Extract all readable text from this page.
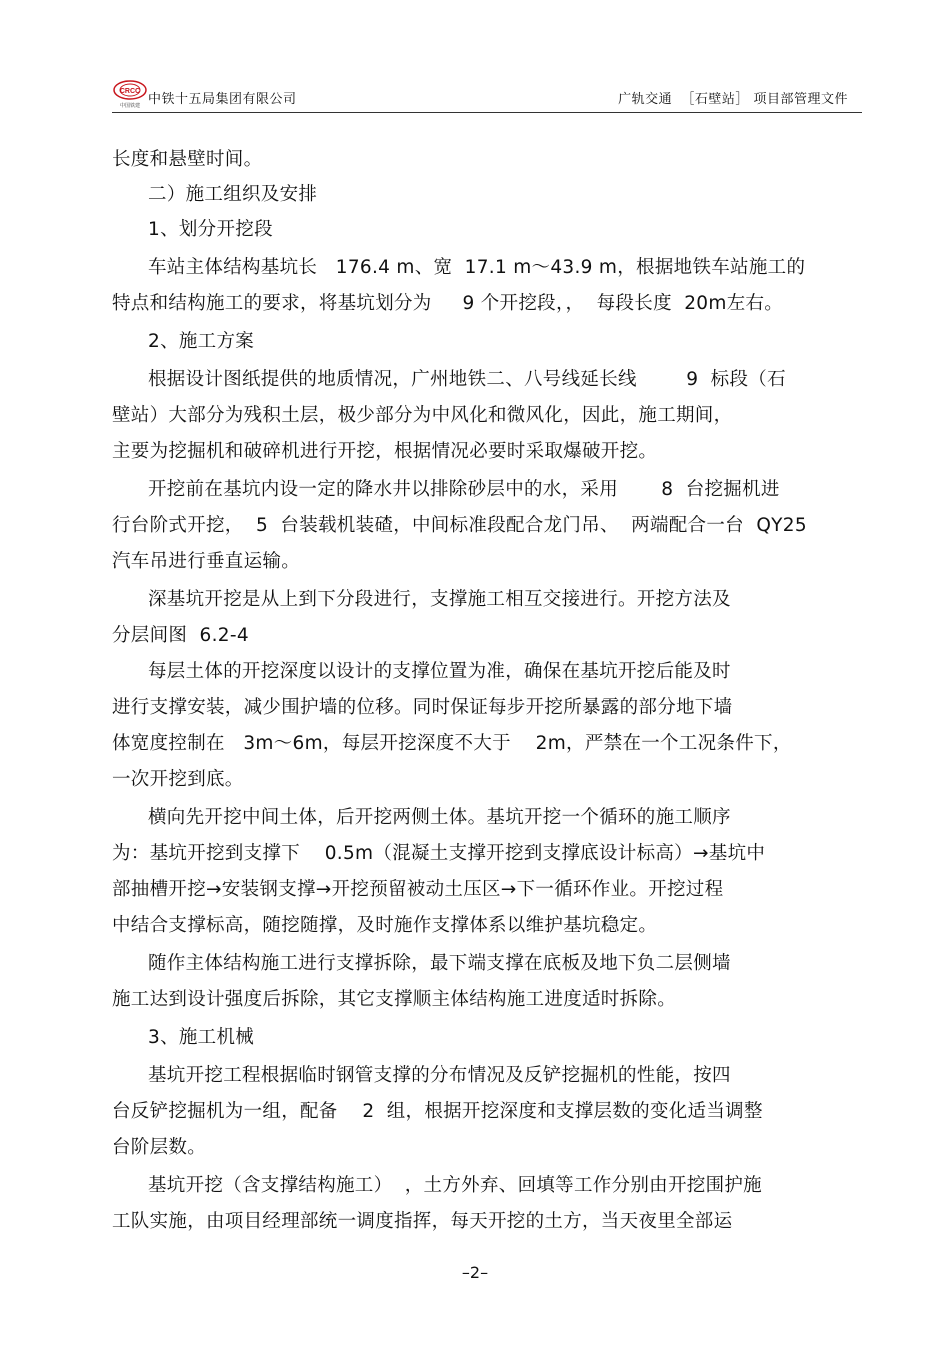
CRCC
中国铁建 中铁十五局集团有限公司	广轨交通  ［石壁站］ 项目部管理文件
长度和悬壁时间。
二）施工组织及安排
1、划分开挖段
车站主体结构基坑长   176.4 m、宽  17.1 m～43.9 m，根据地铁车站施工的
特点和结构施工的要求，将基坑划分为     9 个开挖段，，  每段长度  20m左右。
2、施工方案
根据设计图纸提供的地质情况，广州地铁二、八号线延长线        9  标段（石
壁站）大部分为残积土层，极少部分为中风化和微风化，因此，施工期间，
主要为挖掘机和破碎机进行开挖，根据情况必要时采取爆破开挖。
开挖前在基坑内设一定的降水井以排除砂层中的水，采用       8  台挖掘机进
行台阶式开挖，  5  台装载机装碴，中间标准段配合龙门吊、  两端配合一台  QY25
汽车吊进行垂直运输。
深基坑开挖是从上到下分段进行，支撑施工相互交接进行。开挖方法及
分层间图  6.2-4
每层土体的开挖深度以设计的支撑位置为准，确保在基坑开挖后能及时
进行支撑安装，减少围护墙的位移。同时保证每步开挖所暴露的部分地下墙
体宽度控制在   3m～6m，每层开挖深度不大于    2m，严禁在一个工况条件下，
一次开挖到底。
横向先开挖中间土体，后开挖两侧土体。基坑开挖一个循环的施工顺序
为：基坑开挖到支撑下    0.5m（混凝土支撑开挖到支撑底设计标高）→基坑中
部抽槽开挖→安装钢支撑→开挖预留被动土压区→下一循环作业。开挖过程
中结合支撑标高，随挖随撑，及时施作支撑体系以维护基坑稳定。
随作主体结构施工进行支撑拆除，最下端支撑在底板及地下负二层侧墙
施工达到设计强度后拆除，其它支撑顺主体结构施工进度适时拆除。
3、施工机械
基坑开挖工程根据临时钢管支撑的分布情况及反铲挖掘机的性能，按四
台反铲挖掘机为一组，配备    2  组，根据开挖深度和支撑层数的变化适当调整
台阶层数。
基坑开挖（含支撑结构施工）  ，土方外弃、回填等工作分别由开挖围护施
工队实施，由项目经理部统一调度指挥，每天开挖的土方，当天夜里全部运
–2–
